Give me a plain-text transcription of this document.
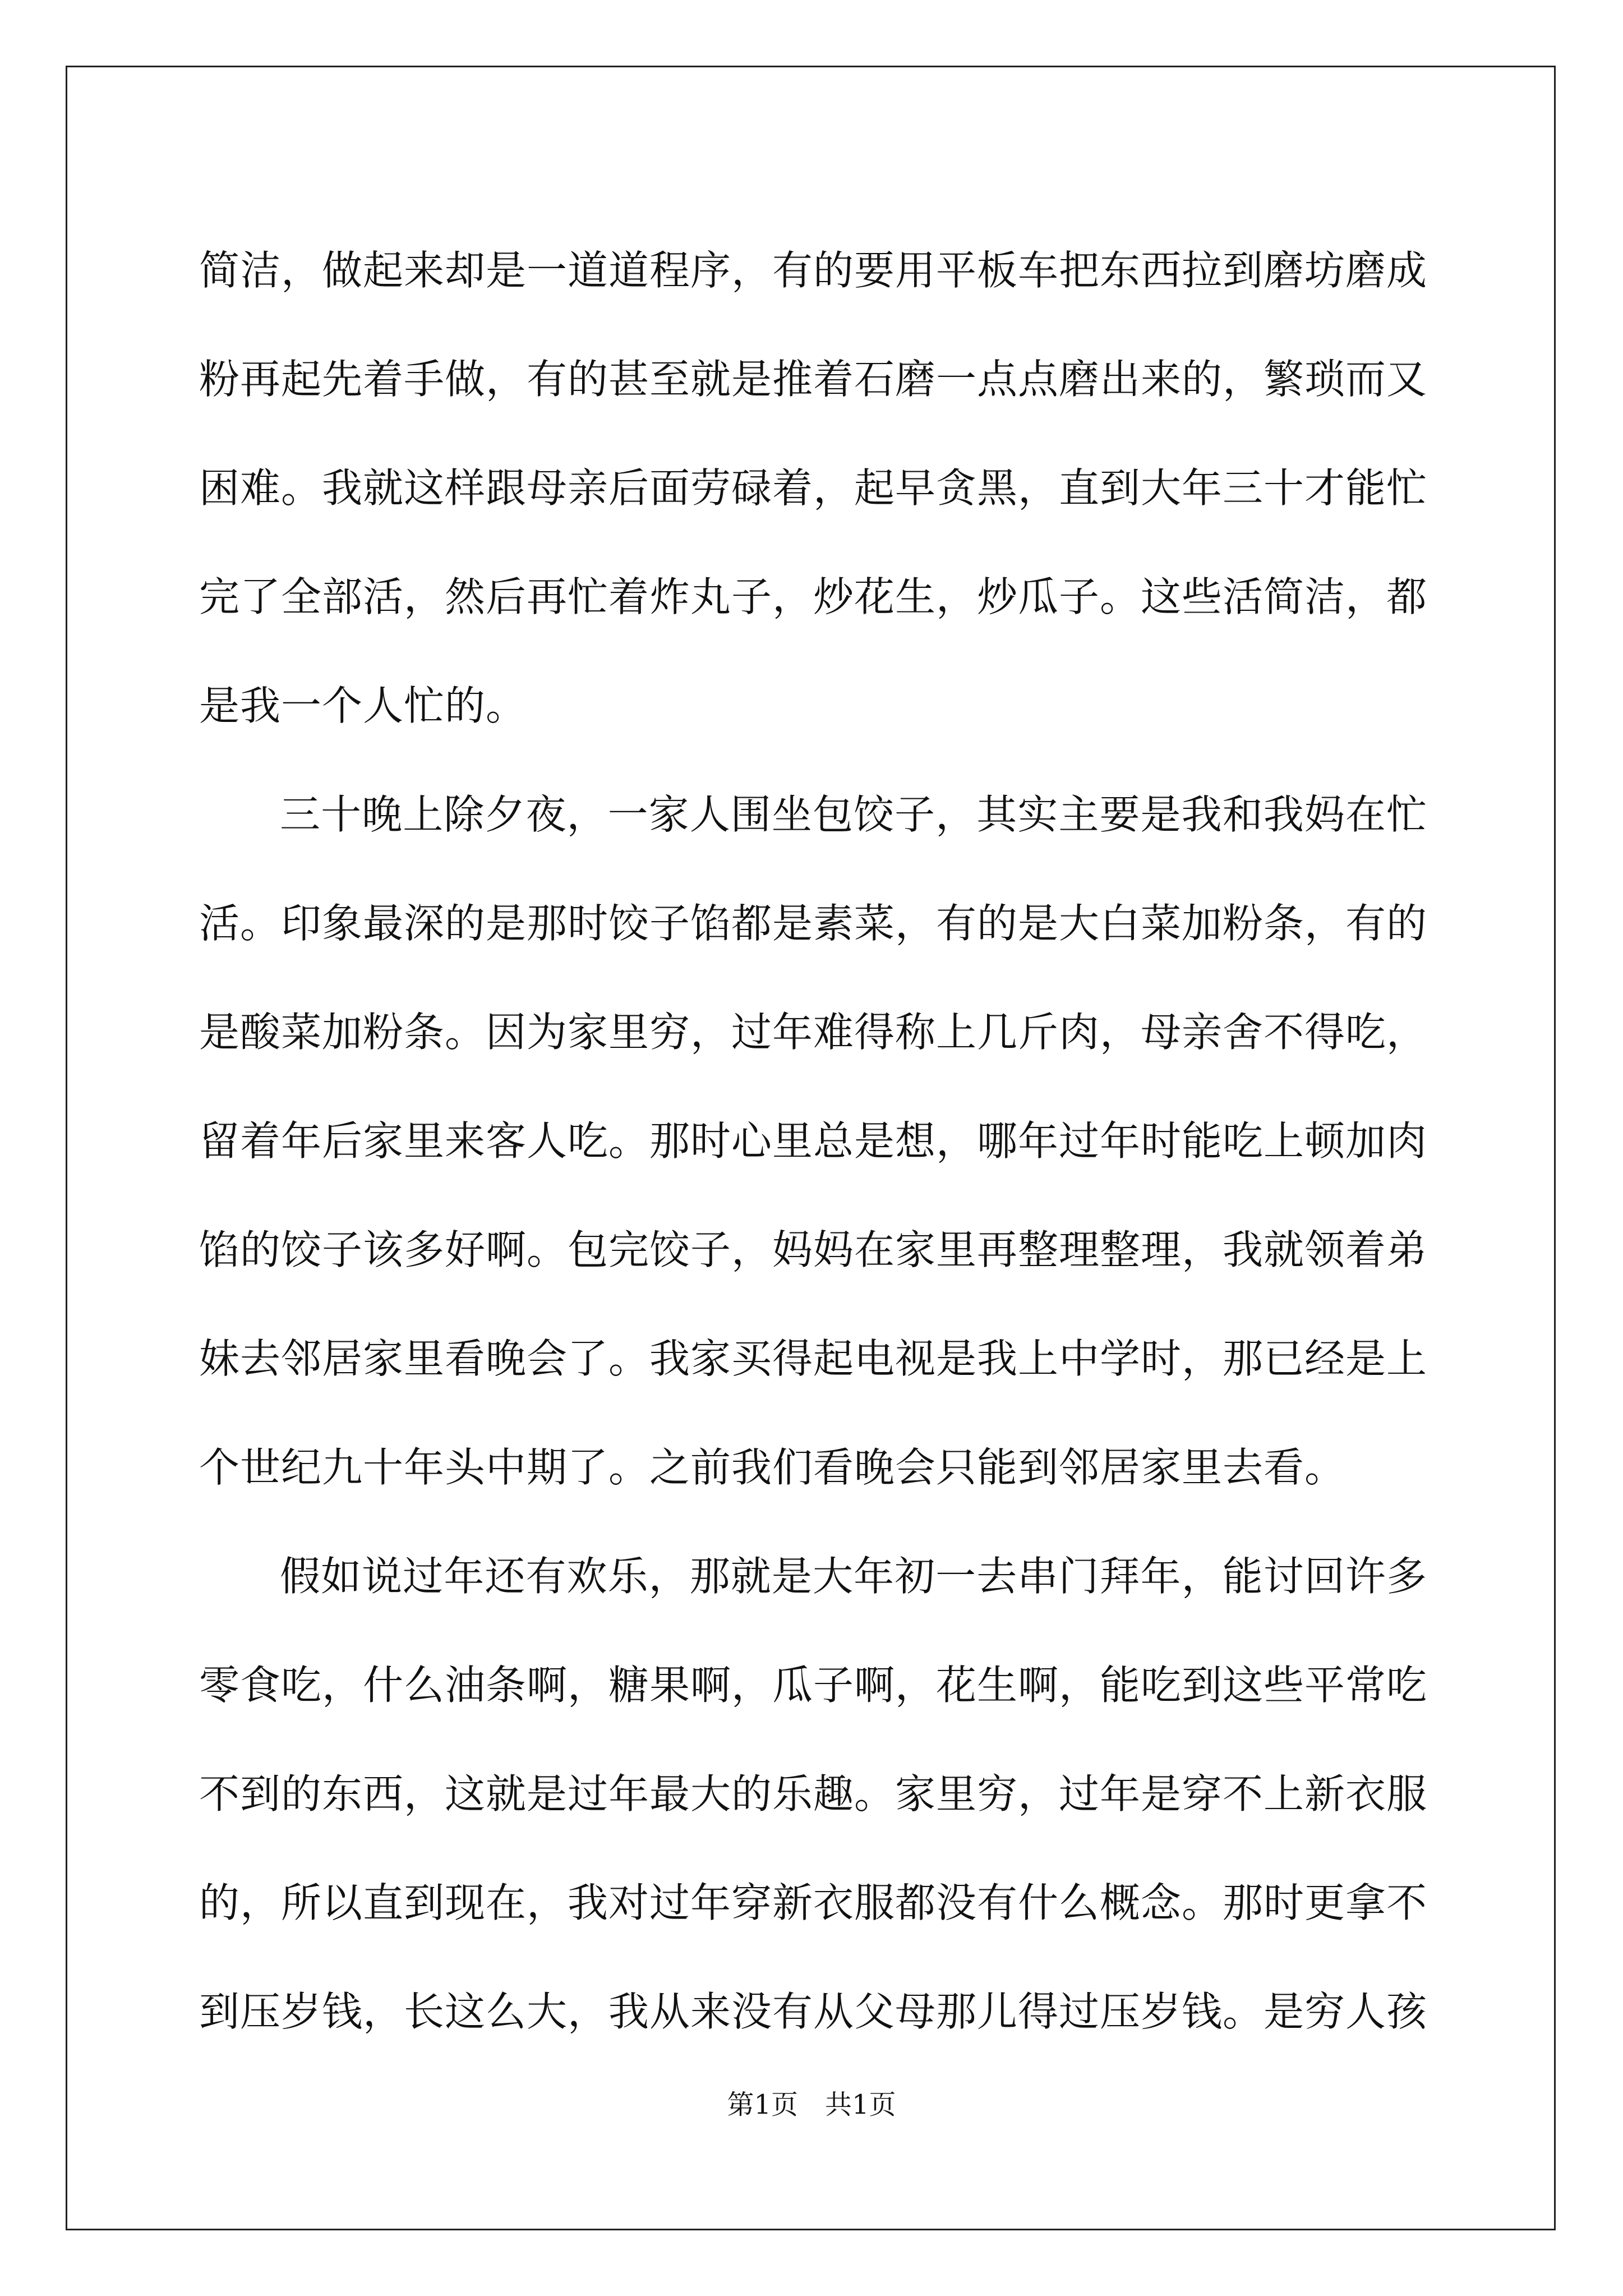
简洁，做起来却是一道道程序，有的要用平板车把东西拉到磨坊磨成
粉再起先着手做，有的甚至就是推着石磨一点点磨出来的，繁琐而又
困难。我就这样跟母亲后面劳碌着，起早贪黑，直到大年三十才能忙
完了全部活，然后再忙着炸丸子，炒花生，炒瓜子。这些活简洁，都
是我一个人忙的。
三十晚上除夕夜，一家人围坐包饺子，其实主要是我和我妈在忙
活。印象最深的是那时饺子馅都是素菜，有的是大白菜加粉条，有的
是酸菜加粉条。因为家里穷，过年难得称上几斤肉，母亲舍不得吃，
留着年后家里来客人吃。那时心里总是想，哪年过年时能吃上顿加肉
馅的饺子该多好啊。包完饺子，妈妈在家里再整理整理，我就领着弟
妹去邻居家里看晚会了。我家买得起电视是我上中学时，那已经是上
个世纪九十年头中期了。之前我们看晚会只能到邻居家里去看。
假如说过年还有欢乐，那就是大年初一去串门拜年，能讨回许多
零食吃，什么油条啊，糖果啊，瓜子啊，花生啊，能吃到这些平常吃
不到的东西，这就是过年最大的乐趣。家里穷，过年是穿不上新衣服
的，所以直到现在，我对过年穿新衣服都没有什么概念。那时更拿不
到压岁钱，长这么大，我从来没有从父母那儿得过压岁钱。是穷人孩
第1页 共1页
